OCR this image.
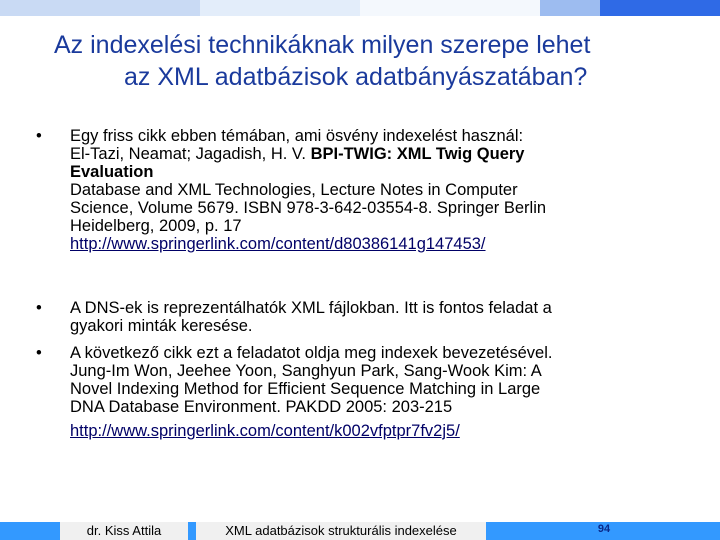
Az indexelési technikáknak milyen szerepe lehet
az XML adatbázisok adatbányászatában?
• Egy friss cikk ebben témában, ami ösvény indexelést használ:
El-Tazi, Neamat; Jagadish, H. V. BPI-TWIG: XML Twig Query
Evaluation
Database and XML Technologies, Lecture Notes in Computer
Science, Volume 5679. ISBN 978-3-642-03554-8. Springer Berlin
Heidelberg, 2009, p. 17
http://www.springerlink.com/content/d80386141g147453/
• A DNS-ek is reprezentálhatók XML fájlokban. Itt is fontos feladat a
gyakori minták keresése.
• A következő cikk ezt a feladatot oldja meg indexek bevezetésével.
Jung-Im Won, Jeehee Yoon, Sanghyun Park, Sang-Wook Kim: A
Novel Indexing Method for Efficient Sequence Matching in Large
DNA Database Environment. PAKDD 2005: 203-215
http://www.springerlink.com/content/k002vfptpr7fv2j5/
dr. Kiss Attila	XML adatbázisok strukturális indexelése	94
